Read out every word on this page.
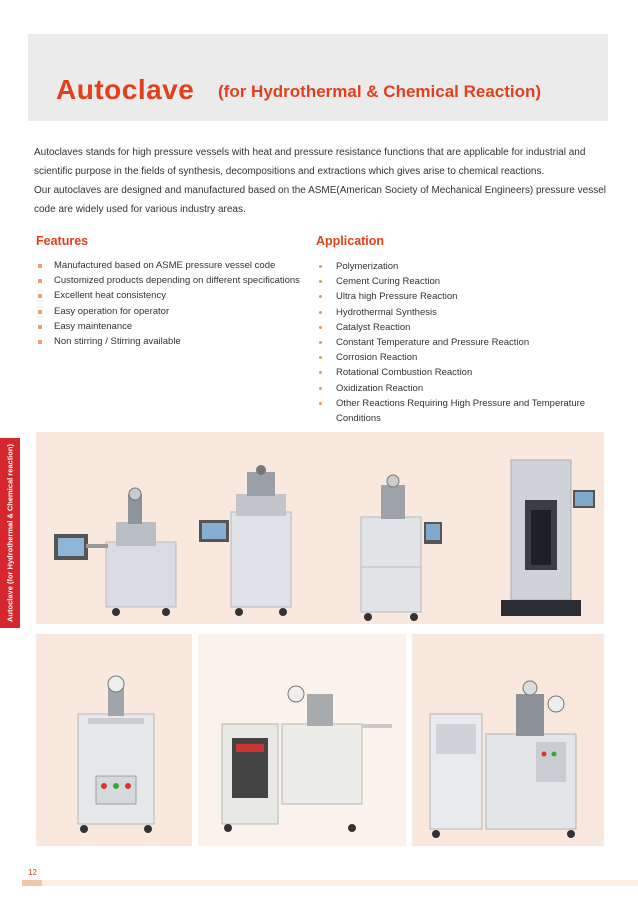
Autoclave (for Hydrothermal & Chemical Reaction)

Autoclaves stands for high pressure vessels with heat and pressure resistance functions that are applicable for industrial and scientific purpose in the fields of synthesis, decompositions and extractions which gives arise to chemical reactions.

Our autoclaves are designed and manufactured based on the ASME(American Society of Mechanical Engineers) pressure vessel code are widely used for various industry areas.

Features
Manufactured based on ASME pressure vessel code
Customized products depending on different specifications
Excellent heat consistency
Easy operation for operator
Easy maintenance
Non stirring / Stirring available
Application
Polymerization
Cement Curing Reaction
Ultra high Pressure Reaction
Hydrothermal Synthesis
Catalyst Reaction
Constant Temperature and Pressure Reaction
Corrosion Reaction
Rotational Combustion Reaction
Oxidization Reaction
Other Reactions Requiring High Pressure and Temperature Conditions
Autoclave (for Hydrothermal & Chemical reaction)
12
